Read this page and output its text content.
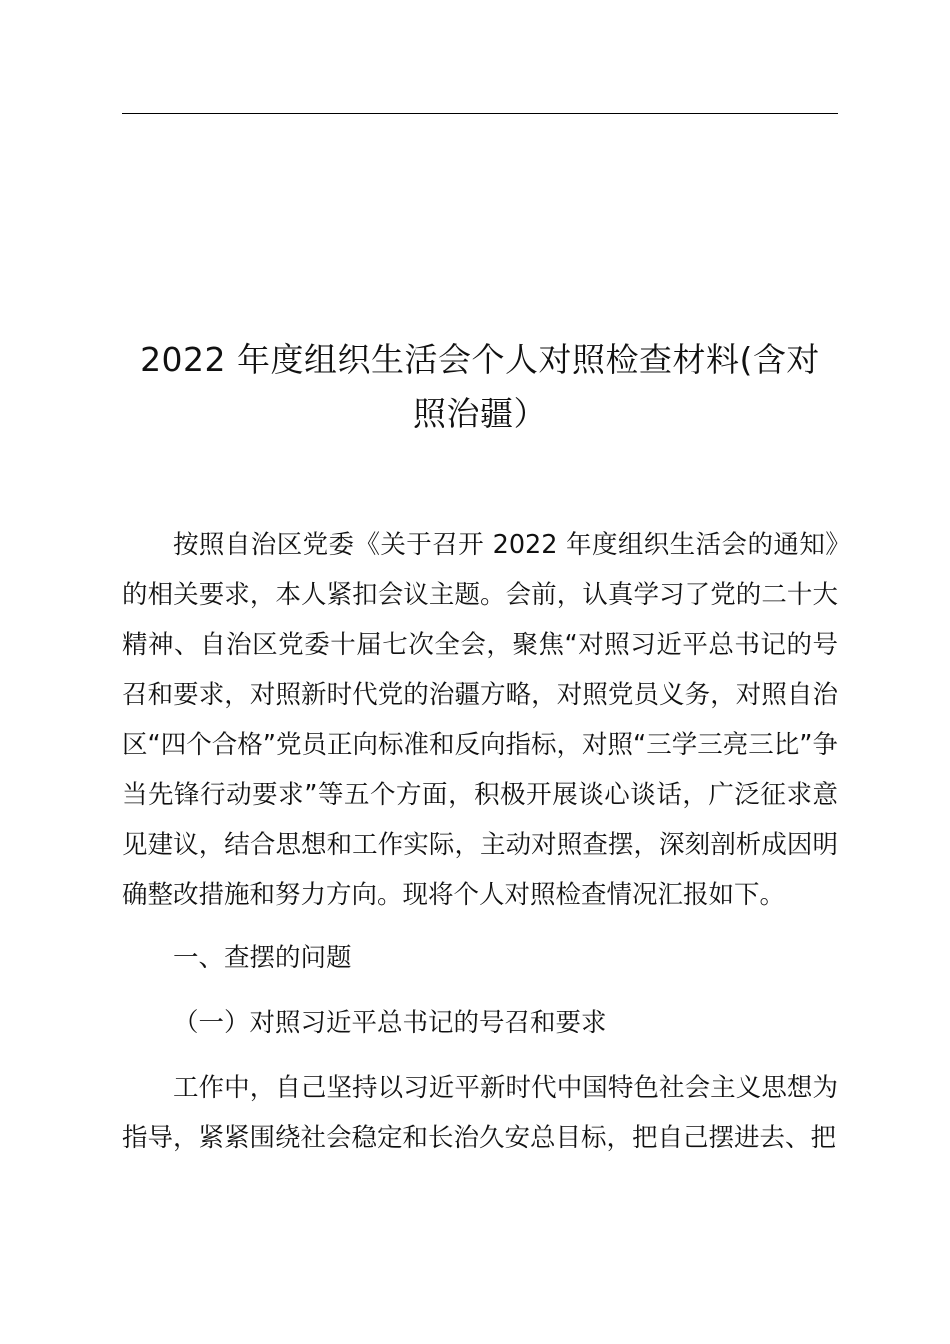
2022 年度组织生活会个人对照检查材料(含对
照治疆）

按照自治区党委《关于召开 2022 年度组织生活会的通知》的相关要求，本人紧扣会议主题。会前，认真学习了党的二十大精神、自治区党委十届七次全会，聚焦“对照习近平总书记的号召和要求，对照新时代党的治疆方略，对照党员义务，对照自治区“四个合格”党员正向标准和反向指标，对照“三学三亮三比”争当先锋行动要求”等五个方面，积极开展谈心谈话，广泛征求意见建议，结合思想和工作实际，主动对照查摆，深刻剖析成因明确整改措施和努力方向。现将个人对照检查情况汇报如下。

一、查摆的问题

（一）对照习近平总书记的号召和要求

工作中，自己坚持以习近平新时代中国特色社会主义思想为指导，紧紧围绕社会稳定和长治久安总目标，把自己摆进去、把
